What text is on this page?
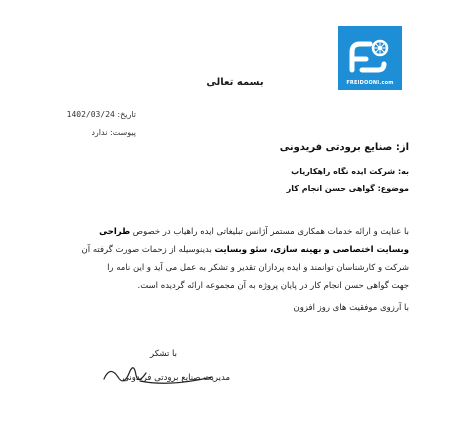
FREIDOONI.com
بسمه تعالی
تاریخ: 1402/03/24
پیوست: ندارد
از: صنایع برودتی فریدونی
به: شرکت ایده نگاه راهکاریاب
موضوع: گواهی حسن انجام کار
با عنایت و ارائه خدمات همکاری مستمر آژانس تبلیغاتی ایده راهیاب در خصوص طراحی
وبسایت اختصاصی و بهینه سازی، سئو وبسایت بدینوسیله از زحمات صورت گرفته آن
شرکت و کارشناسان توانمند و ایده پردازان تقدیر و تشکر به عمل می آید و این نامه را
جهت گواهی حسن انجام کار در پایان پروژه به آن مجموعه ارائه گردیده است.
با آرزوی موفقیت های روز افزون
با تشکر
مدیریت صنایع برودتی فریدونی
